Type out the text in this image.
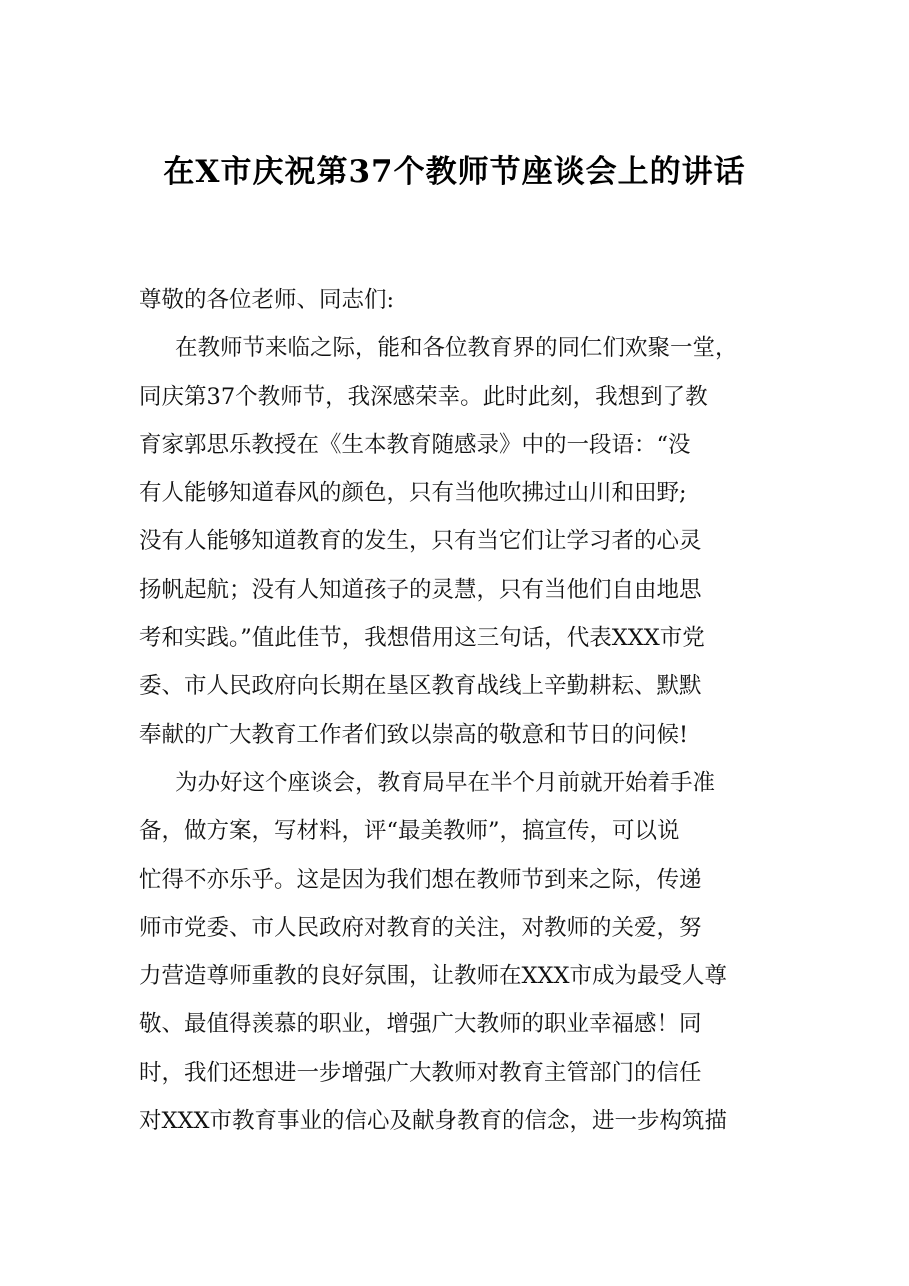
在X市庆祝第37个教师节座谈会上的讲话
尊敬的各位老师、同志们:
在教师节来临之际，能和各位教育界的同仁们欢聚一堂，
同庆第37个教师节，我深感荣幸。此时此刻，我想到了教
育家郭思乐教授在《生本教育随感录》中的一段语：“没
有人能够知道春风的颜色，只有当他吹拂过山川和田野;
没有人能够知道教育的发生，只有当它们让学习者的心灵
扬帆起航；没有人知道孩子的灵慧，只有当他们自由地思
考和实践。”值此佳节，我想借用这三句话，代表XXX市党
委、市人民政府向长期在垦区教育战线上辛勤耕耘、默默
奉献的广大教育工作者们致以崇高的敬意和节日的问候!
为办好这个座谈会，教育局早在半个月前就开始着手准
备，做方案，写材料，评“最美教师”，搞宣传，可以说
忙得不亦乐乎。这是因为我们想在教师节到来之际，传递
师市党委、市人民政府对教育的关注，对教师的关爱，努
力营造尊师重教的良好氛围，让教师在XXX市成为最受人尊
敬、最值得羡慕的职业，增强广大教师的职业幸福感！同
时，我们还想进一步增强广大教师对教育主管部门的信任
对XXX市教育事业的信心及献身教育的信念，进一步构筑描
